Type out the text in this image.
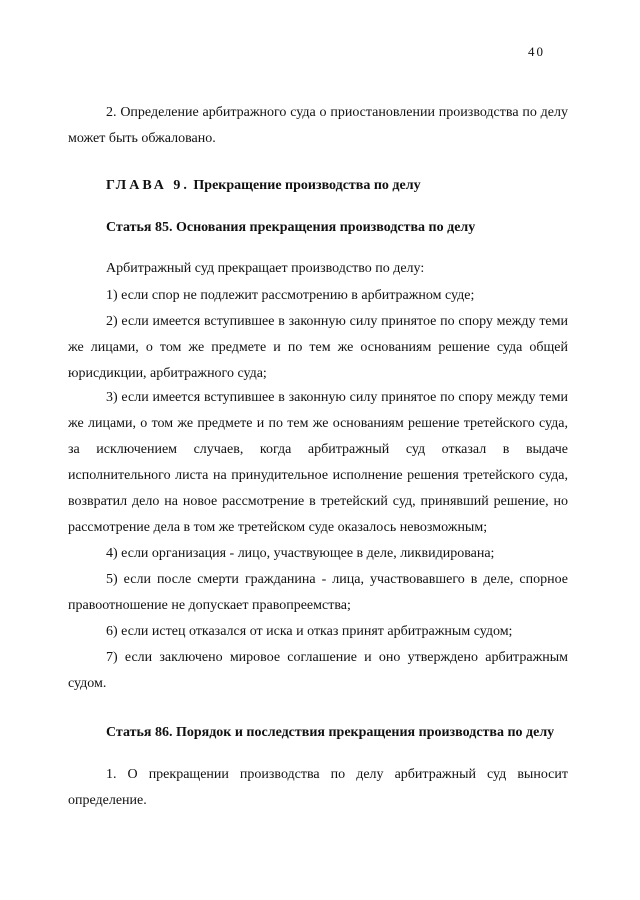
40

2. Определение арбитражного суда о приостановлении производства по делу может быть обжаловано.

ГЛАВА 9. Прекращение производства по делу
Статья 85. Основания прекращения производства по делу

Арбитражный суд прекращает производство по делу:

1) если спор не подлежит рассмотрению в арбитражном суде;

2) если имеется вступившее в законную силу принятое по спору между теми же лицами, о том же предмете и по тем же основаниям решение суда общей юрисдикции, арбитражного суда;

3) если имеется вступившее в законную силу принятое по спору между теми же лицами, о том же предмете и по тем же основаниям решение третейского суда, за исключением случаев, когда арбитражный суд отказал в выдаче исполнительного листа на принудительное исполнение решения третейского суда, возвратил дело на новое рассмотрение в третейский суд, принявший решение, но рассмотрение дела в том же третейском суде оказалось невозможным;

4) если организация - лицо, участвующее в деле, ликвидирована;

5) если после смерти гражданина - лица, участвовавшего в деле, спорное правоотношение не допускает правопреемства;

6) если истец отказался от иска и отказ принят арбитражным судом;

7) если заключено мировое соглашение и оно утверждено арбитражным судом.

Статья 86. Порядок и последствия прекращения производства по делу

1. О прекращении производства по делу арбитражный суд выносит определение.
